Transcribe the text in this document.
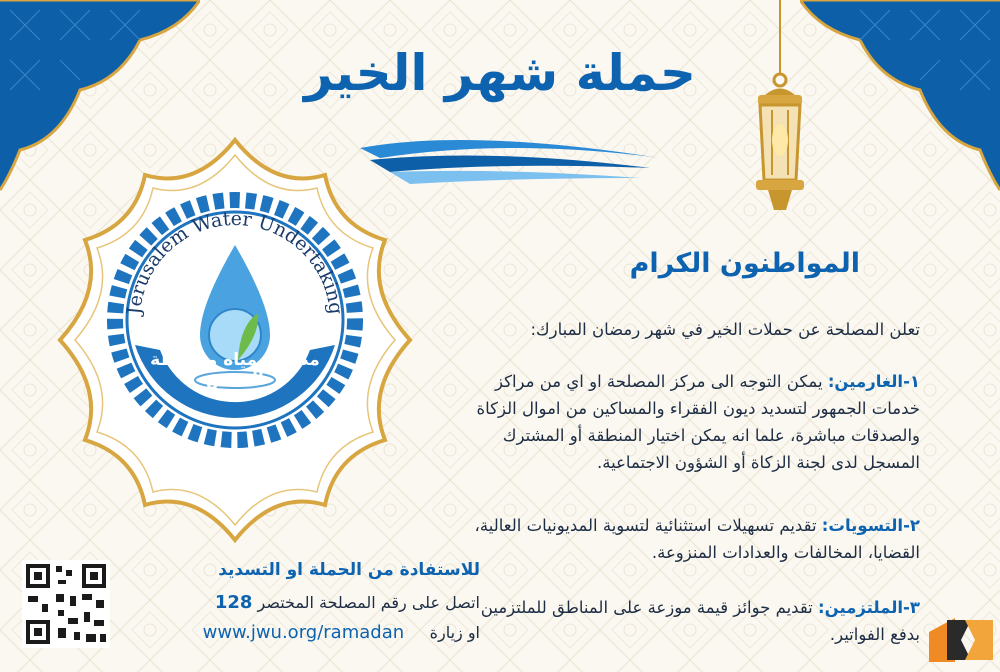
حملة شهر الخير
Jerusalem Water Undertaking
مصلحة مياه محافظة القدس
المواطنون الكرام
تعلن المصلحة عن حملات الخير في شهر رمضان المبارك:
١-الغارمين: يمكن التوجه الى مركز المصلحة او اي من مراكز خدمات الجمهور لتسديد ديون الفقراء والمساكين من اموال الزكاة والصدقات مباشرة، علما انه يمكن اختيار المنطقة أو المشترك المسجل لدى لجنة الزكاة أو الشؤون الاجتماعية.
٢-التسويات: تقديم تسهيلات استثنائية لتسوية المديونيات العالية، القضايا، المخالفات والعدادات المنزوعة.
٣-الملتزمين: تقديم جوائز قيمة موزعة على المناطق للملتزمين بدفع الفواتير.
للاستفادة من الحملة او التسديد
اتصل على رقم المصلحة المختصر 128
او زيارة     www.jwu.org/ramadan
